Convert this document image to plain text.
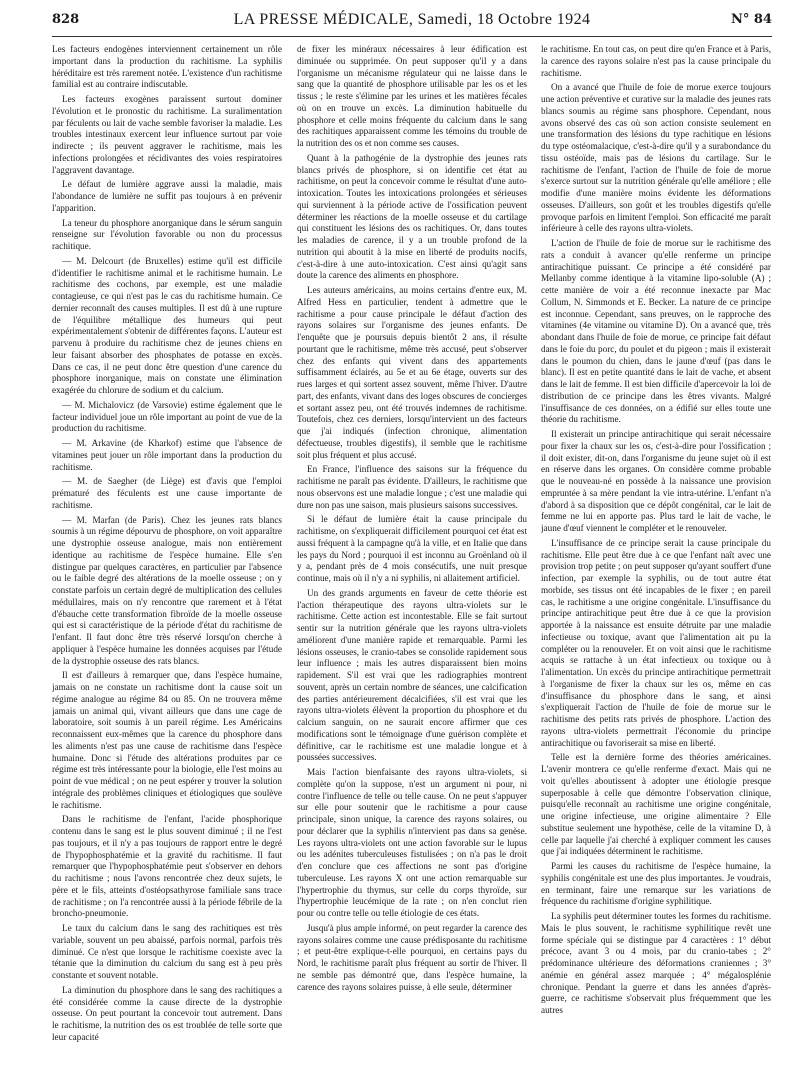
828	LA PRESSE MÉDICALE, Samedi, 18 Octobre 1924	N° 84

Les facteurs endogènes interviennent certainement un rôle important dans la production du rachitisme. La syphilis héréditaire est très rarement notée. L'existence d'un rachitisme familial est au contraire indiscutable.

Les facteurs exogènes paraissent surtout dominer l'évolution et le pronostic du rachitisme. La suralimentation par féculents ou lait de vache semble favoriser la maladie. Les troubles intestinaux exercent leur influence surtout par voie indirecte ; ils peuvent aggraver le rachitisme, mais les infections prolongées et récidivantes des voies respiratoires l'aggravent davantage.

Le défaut de lumière aggrave aussi la maladie, mais l'abondance de lumière ne suffit pas toujours à en prévenir l'apparition.

La teneur du phosphore anorganique dans le sérum sanguin renseigne sur l'évolution favorable ou non du processus rachitique.

— M. Delcourt (de Bruxelles) estime qu'il est difficile d'identifier le rachitisme animal et le rachitisme humain. Le rachitisme des cochons, par exemple, est une maladie contagieuse, ce qui n'est pas le cas du rachitisme humain. Ce dernier reconnaît des causes multiples. Il est dû à une rupture de l'équilibre métallique des humeurs qui peut expérimentalement s'obtenir de différentes façons. L'auteur est parvenu à produire du rachitisme chez de jeunes chiens en leur faisant absorber des phosphates de potasse en excès. Dans ce cas, il ne peut donc être question d'une carence du phosphore inorganique, mais on constate une élimination exagérée du chlorure de sodium et du calcium.

— M. Michalovicz (de Varsovie) estime également que le facteur individuel joue un rôle important au point de vue de la production du rachitisme.

— M. Arkavine (de Kharkof) estime que l'absence de vitamines peut jouer un rôle important dans la production du rachitisme.

— M. de Saegher (de Liège) est d'avis que l'emploi prématuré des féculents est une cause importante de rachitisme.

— M. Marfan (de Paris). Chez les jeunes rats blancs soumis à un régime dépourvu de phosphore, on voit apparaître une dystrophie osseuse analogue, mais non entièrement identique au rachitisme de l'espèce humaine. Elle s'en distingue par quelques caractères, en particulier par l'absence ou le faible degré des altérations de la moelle osseuse ; on y constate parfois un certain degré de multiplication des cellules médullaires, mais on n'y rencontre que rarement et à l'état d'ébauche cette transformation fibroïde de la moelle osseuse qui est si caractéristique de la période d'état du rachitisme de l'enfant. Il faut donc être très réservé lorsqu'on cherche à appliquer à l'espèce humaine les données acquises par l'étude de la dystrophie osseuse des rats blancs.

Il est d'ailleurs à remarquer que, dans l'espèce humaine, jamais on ne constate un rachitisme dont la cause soit un régime analogue au régime 84 ou 85. On ne trouvera même jamais un animal qui, vivant ailleurs que dans une cage de laboratoire, soit soumis à un pareil régime. Les Américains reconnaissent eux-mêmes que la carence du phosphore dans les aliments n'est pas une cause de rachitisme dans l'espèce humaine. Donc si l'étude des altérations produites par ce régime est très intéressante pour la biologie, elle l'est moins au point de vue médical ; on ne peut espérer y trouver la solution intégrale des problèmes cliniques et étiologiques que soulève le rachitisme.

Dans le rachitisme de l'enfant, l'acide phosphorique contenu dans le sang est le plus souvent diminué ; il ne l'est pas toujours, et il n'y a pas toujours de rapport entre le degré de l'hypophosphatémie et la gravité du rachitisme. Il faut remarquer que l'hypophosphatémie peut s'observer en dehors du rachitisme ; nous l'avons rencontrée chez deux sujets, le père et le fils, atteints d'ostéopsathyrose familiale sans trace de rachitisme ; on l'a rencontrée aussi à la période fébrile de la broncho-pneumonie.

Le taux du calcium dans le sang des rachitiques est très variable, souvent un peu abaissé, parfois normal, parfois très diminué. Ce n'est que lorsque le rachitisme coexiste avec la tétanie que la diminution du calcium du sang est à peu près constante et souvent notable.

La diminution du phosphore dans le sang des rachitiques a été considérée comme la cause directe de la dystrophie osseuse. On peut pourtant la concevoir tout autrement. Dans le rachitisme, la nutrition des os est troublée de telle sorte que leur capacité

de fixer les minéraux nécessaires à leur édification est diminuée ou supprimée. On peut supposer qu'il y a dans l'organisme un mécanisme régulateur qui ne laisse dans le sang que la quantité de phosphore utilisable par les os et les tissus ; le reste s'élimine par les urines et les matières fécales où on en trouve un excès. La diminution habituelle du phosphore et celle moins fréquente du calcium dans le sang des rachitiques apparaissent comme les témoins du trouble de la nutrition des os et non comme ses causes.

Quant à la pathogénie de la dystrophie des jeunes rats blancs privés de phosphore, si on identifie cet état au rachitisme, on peut la concevoir comme le résultat d'une auto-intoxication. Toutes les intoxications prolongées et sérieuses qui surviennent à la période active de l'ossification peuvent déterminer les réactions de la moelle osseuse et du cartilage qui constituent les lésions des os rachitiques. Or, dans toutes les maladies de carence, il y a un trouble profond de la nutrition qui aboutit à la mise en liberté de produits nocifs, c'est-à-dire à une auto-intoxication. C'est ainsi qu'agit sans doute la carence des aliments en phosphore.

Les auteurs américains, au moins certains d'entre eux, M. Alfred Hess en particulier, tendent à admettre que le rachitisme a pour cause principale le défaut d'action des rayons solaires sur l'organisme des jeunes enfants. De l'enquête que je poursuis depuis bientôt 2 ans, il résulte pourtant que le rachitisme, même très accusé, peut s'observer chez des enfants qui vivent dans des appartements suffisamment éclairés, au 5e et au 6e étage, ouverts sur des rues larges et qui sortent assez souvent, même l'hiver. D'autre part, des enfants, vivant dans des loges obscures de concierges et sortant assez peu, ont été trouvés indemnes de rachitisme. Toutefois, chez ces derniers, lorsqu'intervient un des facteurs que j'ai indiqués (infection chronique, alimentation défectueuse, troubles digestifs), il semble que le rachitisme soit plus fréquent et plus accusé.

En France, l'influence des saisons sur la fréquence du rachitisme ne paraît pas évidente. D'ailleurs, le rachitisme que nous observons est une maladie longue ; c'est une maladie qui dure non pas une saison, mais plusieurs saisons successives.

Si le défaut de lumière était la cause principale du rachitisme, on s'expliquerait difficilement pourquoi cet état est aussi fréquent à la campagne qu'à la ville, et en Italie que dans les pays du Nord ; pourquoi il est inconnu au Groënland où il y a, pendant près de 4 mois consécutifs, une nuit presque continue, mais où il n'y a ni syphilis, ni allaitement artificiel.

Un des grands arguments en faveur de cette théorie est l'action thérapeutique des rayons ultra-violets sur le rachitisme. Cette action est incontestable. Elle se fait surtout sentir sur la nutrition générale que les rayons ultra-violets améliorent d'une manière rapide et remarquable. Parmi les lésions osseuses, le cranio-tabes se consolide rapidement sous leur influence ; mais les autres disparaissent bien moins rapidement. S'il est vrai que les radiographies montrent souvent, après un certain nombre de séances, une calcification des parties antérieurement décalcifiées, s'il est vrai que les rayons ultra-violets élèvent la proportion du phosphore et du calcium sanguin, on ne saurait encore affirmer que ces modifications sont le témoignage d'une guérison complète et définitive, car le rachitisme est une maladie longue et à poussées successives.

Mais l'action bienfaisante des rayons ultra-violets, si complète qu'on la suppose, n'est un argument ni pour, ni contre l'influence de telle ou telle cause. On ne peut s'appuyer sur elle pour soutenir que le rachitisme a pour cause principale, sinon unique, la carence des rayons solaires, ou pour déclarer que la syphilis n'intervient pas dans sa genèse. Les rayons ultra-violets ont une action favorable sur le lupus ou les adénites tuberculeuses fistulisées ; on n'a pas le droit d'en conclure que ces affections ne sont pas d'origine tuberculeuse. Les rayons X ont une action remarquable sur l'hypertrophie du thymus, sur celle du corps thyroïde, sur l'hypertrophie leucémique de la rate ; on n'en conclut rien pour ou contre telle ou telle étiologie de ces états.

Jusqu'à plus ample informé, on peut regarder la carence des rayons solaires comme une cause prédisposante du rachitisme ; et peut-être explique-t-elle pourquoi, en certains pays du Nord, le rachitisme paraît plus fréquent au sortir de l'hiver. Il ne semble pas démontré que, dans l'espèce humaine, la carence des rayons solaires puisse, à elle seule, déterminer

le rachitisme. En tout cas, on peut dire qu'en France et à Paris, la carence des rayons solaire n'est pas la cause principale du rachitisme.

On a avancé que l'huile de foie de morue exerce toujours une action préventive et curative sur la maladie des jeunes rats blancs soumis au régime sans phosphore. Cependant, nous avons observé des cas où son action consiste seulement en une transformation des lésions du type rachitique en lésions du type ostéomalacique, c'est-à-dire qu'il y a surabondance du tissu ostéoïde, mais pas de lésions du cartilage. Sur le rachitisme de l'enfant, l'action de l'huile de foie de morue s'exerce surtout sur la nutrition générale qu'elle améliore ; elle modifie d'une manière moins évidente les déformations osseuses. D'ailleurs, son goût et les troubles digestifs qu'elle provoque parfois en limitent l'emploi. Son efficacité me paraît inférieure à celle des rayons ultra-violets.

L'action de l'huile de foie de morue sur le rachitisme des rats a conduit à avancer qu'elle renferme un principe antirachitique puissant. Ce principe a été considéré par Mellanby comme identique à la vitamine lipo-soluble (A) ; cette manière de voir a été reconnue inexacte par Mac Collum, N. Simmonds et E. Becker. La nature de ce principe est inconnue. Cependant, sans preuves, on le rapproche des vitamines (4e vitamine ou vitamine D). On a avancé que, très abondant dans l'huile de foie de morue, ce principe fait défaut dans le foie du porc, du poulet et du pigeon ; mais il existerait dans le poumon du chien, dans le jaune d'œuf (pas dans le blanc). Il est en petite quantité dans le lait de vache, et absent dans le lait de femme. Il est bien difficile d'apercevoir la loi de distribution de ce principe dans les êtres vivants. Malgré l'insuffisance de ces données, on a édifié sur elles toute une théorie du rachitisme.

Il existerait un principe antirachitique qui serait nécessaire pour fixer la chaux sur les os, c'est-à-dire pour l'ossification ; il doit exister, dit-on, dans l'organisme du jeune sujet où il est en réserve dans les organes. On considère comme probable que le nouveau-né en possède à la naissance une provision empruntée à sa mère pendant la vie intra-utérine. L'enfant n'a d'abord à sa disposition que ce dépôt congénital, car le lait de femme ne lui en apporte pas. Plus tard le lait de vache, le jaune d'œuf viennent le compléter et le renouveler.

L'insuffisance de ce principe serait la cause principale du rachitisme. Elle peut être due à ce que l'enfant naît avec une provision trop petite ; on peut supposer qu'ayant souffert d'une infection, par exemple la syphilis, ou de tout autre état morbide, ses tissus ont été incapables de le fixer ; en pareil cas, le rachitisme a une origine congénitale. L'insuffisance du principe antirachitique peut être due à ce que la provision apportée à la naissance est ensuite détruite par une maladie infectieuse ou toxique, avant que l'alimentation ait pu la compléter ou la renouveler. Et on voit ainsi que le rachitisme acquis se rattache à un état infectieux ou toxique ou à l'alimentation. Un excès du principe antirachitique permettrait à l'organisme de fixer la chaux sur les os, même en cas d'insuffisance du phosphore dans le sang, et ainsi s'expliquerait l'action de l'huile de foie de morue sur le rachitisme des petits rats privés de phosphore. L'action des rayons ultra-violets permettrait l'économie du principe antirachitique ou favoriserait sa mise en liberté.

Telle est la dernière forme des théories américaines. L'avenir montrera ce qu'elle renferme d'exact. Mais qui ne voit qu'elles aboutissent à adopter une étiologie presque superposable à celle que démontre l'observation clinique, puisqu'elle reconnaît au rachitisme une origine congénitale, une origine infectieuse, une origine alimentaire ? Elle substitue seulement une hypothèse, celle de la vitamine D, à celle par laquelle j'ai cherché à expliquer comment les causes que j'ai indiquées déterminent le rachitisme.

Parmi les causes du rachitisme de l'espèce humaine, la syphilis congénitale est une des plus importantes. Je voudrais, en terminant, faire une remarque sur les variations de fréquence du rachitisme d'origine syphilitique.

La syphilis peut déterminer toutes les formes du rachitisme. Mais le plus souvent, le rachitisme syphilitique revêt une forme spéciale qui se distingue par 4 caractères : 1° début précoce, avant 3 ou 4 mois, par du cranio-tabes ; 2° prédominance ultérieure des déformations craniennes ; 3° anémie en général assez marquée ; 4° mégalosplénie chronique. Pendant la guerre et dans les années d'après-guerre, ce rachitisme s'observait plus fréquemment que les autres
